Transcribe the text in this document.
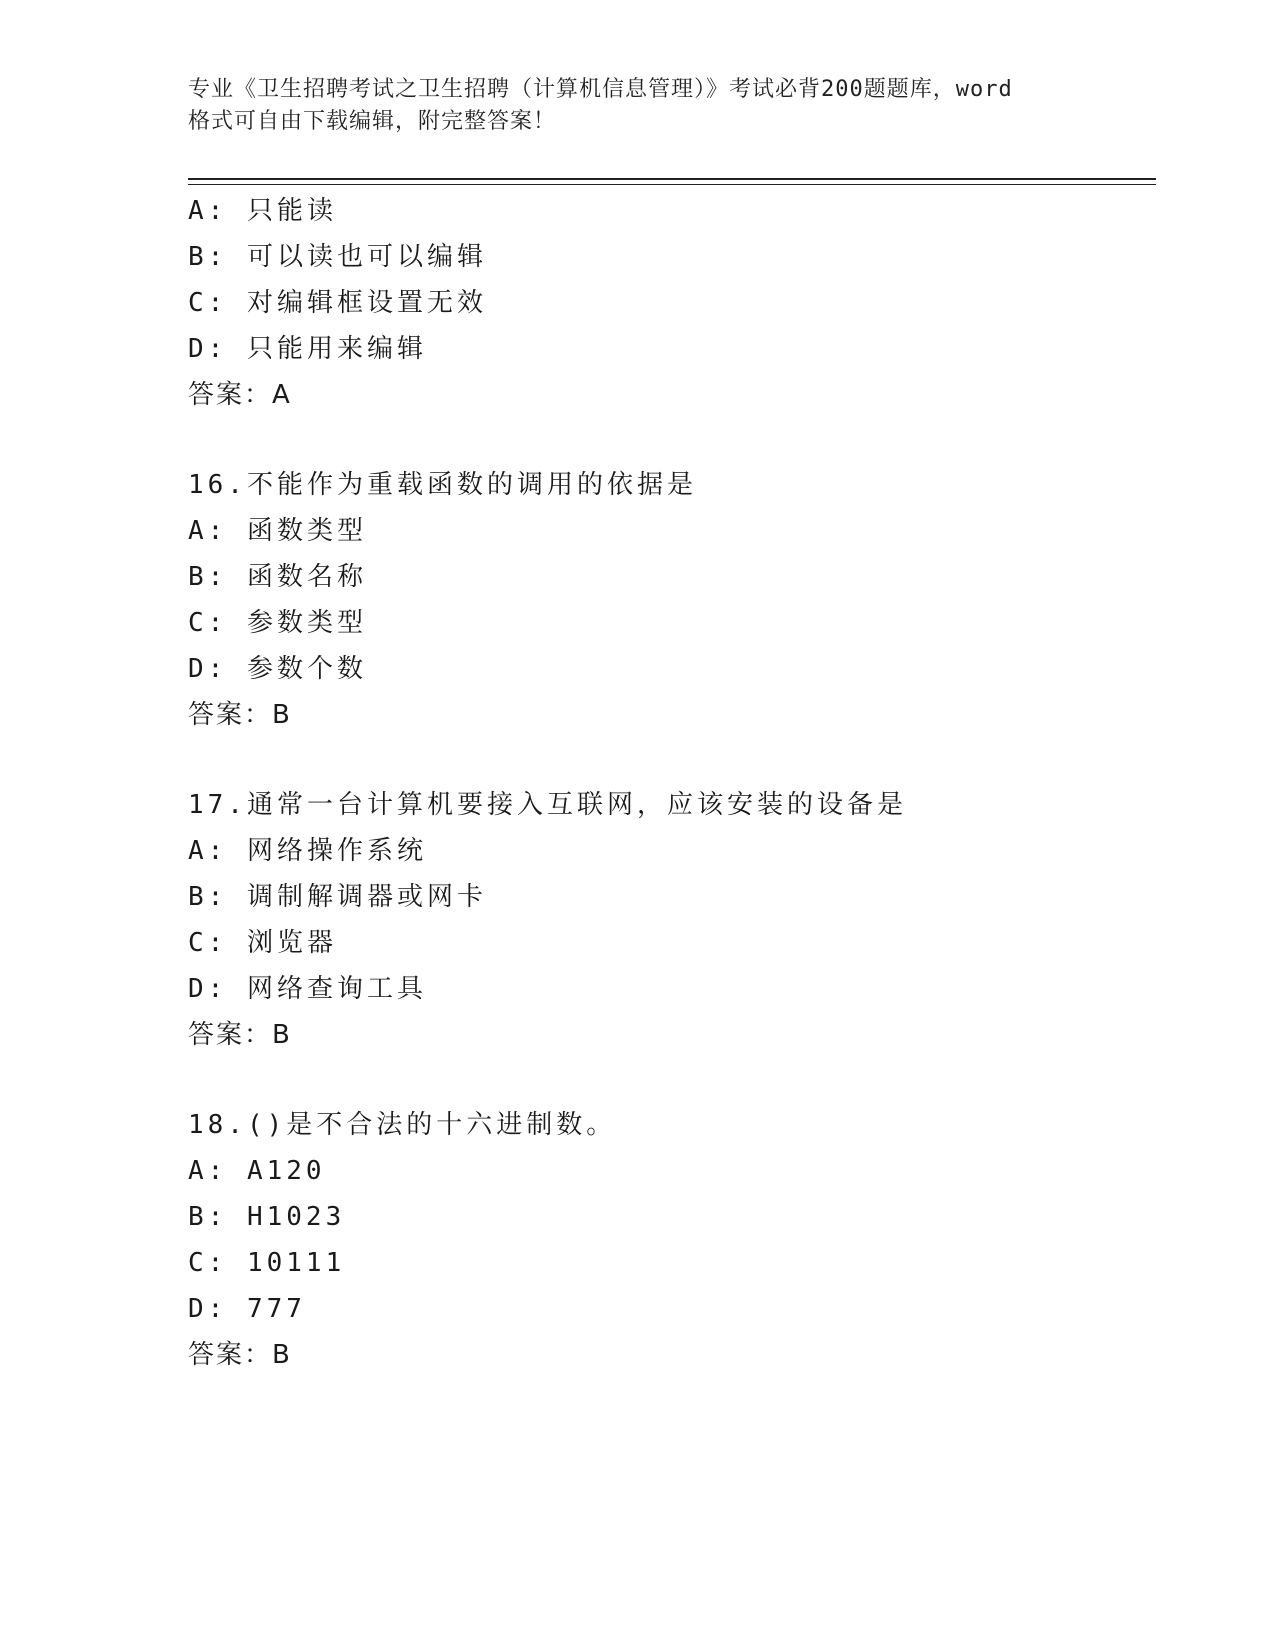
专业《卫生招聘考试之卫生招聘（计算机信息管理）》考试必背200题题库，word
格式可自由下载编辑，附完整答案！
A: 只能读
B: 可以读也可以编辑
C: 对编辑框设置无效
D: 只能用来编辑
答案：A
16.不能作为重载函数的调用的依据是
A: 函数类型
B: 函数名称
C: 参数类型
D: 参数个数
答案：B
17.通常一台计算机要接入互联网，应该安装的设备是
A: 网络操作系统
B: 调制解调器或网卡
C: 浏览器
D: 网络查询工具
答案：B
18.()是不合法的十六进制数。
A: A120
B: H1023
C: 10111
D: 777
答案：B
